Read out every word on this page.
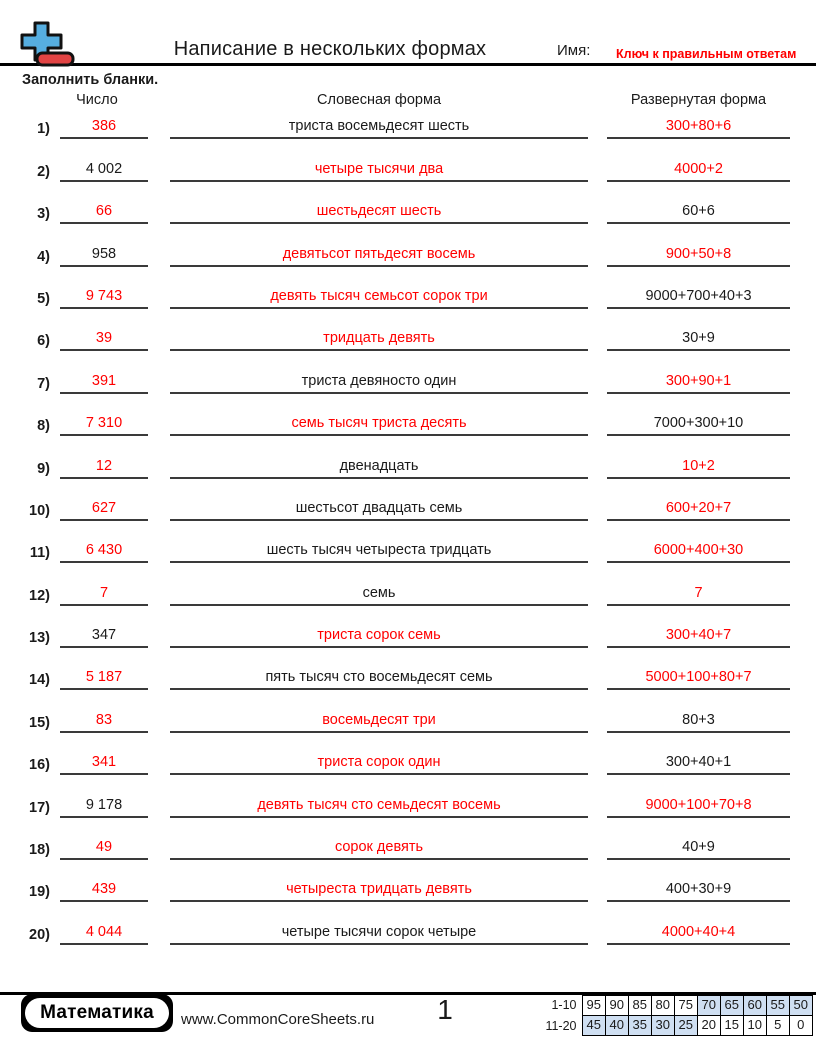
Написание в нескольких формах	Имя: Ключ к правильным ответам
Заполнить бланки.
Число	Словесная форма	Развернутая форма
1)	386	триста восемьдесят шесть	300+80+6
2)	4 002	четыре тысячи два	4000+2
3)	66	шестьдесят шесть	60+6
4)	958	девятьсот пятьдесят восемь	900+50+8
5)	9 743	девять тысяч семьсот сорок три	9000+700+40+3
6)	39	тридцать девять	30+9
7)	391	триста девяносто один	300+90+1
8)	7 310	семь тысяч триста десять	7000+300+10
9)	12	двенадцать	10+2
10)	627	шестьсот двадцать семь	600+20+7
11)	6 430	шесть тысяч четыреста тридцать	6000+400+30
12)	7	семь	7
13)	347	триста сорок семь	300+40+7
14)	5 187	пять тысяч сто восемьдесят семь	5000+100+80+7
15)	83	восемьдесят три	80+3
16)	341	триста сорок один	300+40+1
17)	9 178	девять тысяч сто семьдесят восемь	9000+100+70+8
18)	49	сорок девять	40+9
19)	439	четыреста тридцать девять	400+30+9
20)	4 044	четыре тысячи сорок четыре	4000+40+4
Математика	www.CommonCoreSheets.ru	1	1-10 95 90 85 80 75 70 65 60 55 50
11-20 45 40 35 30 25 20 15 10 5	0
